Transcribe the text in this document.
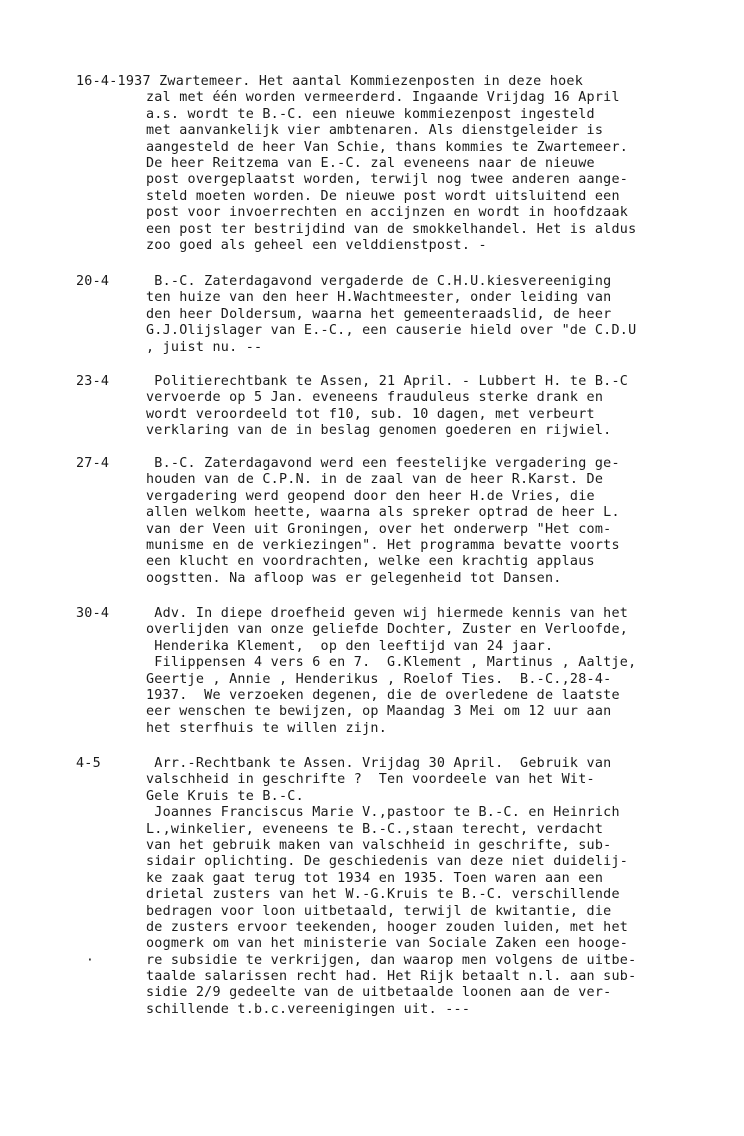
16-4-1937 Zwartemeer. Het aantal Kommiezenposten in deze hoek
zal met één worden vermeerderd. Ingaande Vrijdag 16 April
a.s. wordt te B.-C. een nieuwe kommiezenpost ingesteld
met aanvankelijk vier ambtenaren. Als dienstgeleider is
aangesteld de heer Van Schie, thans kommies te Zwartemeer.
De heer Reitzema van E.-C. zal eveneens naar de nieuwe
post overgeplaatst worden, terwijl nog twee anderen aange-
steld moeten worden. De nieuwe post wordt uitsluitend een
post voor invoerrechten en accijnzen en wordt in hoofdzaak
een post ter bestrijdind van de smokkelhandel. Het is aldus
zoo goed als geheel een velddienstpost. -
20-4	B.-C. Zaterdagavond vergaderde de C.H.U.kiesvereeniging
ten huize van den heer H.Wachtmeester, onder leiding van
den heer Doldersum, waarna het gemeenteraadslid, de heer
G.J.Olijslager van E.-C., een causerie hield over "de C.D.U
, juist nu. --
23-4	Politierechtbank te Assen, 21 April. - Lubbert H. te B.-C
vervoerde op 5 Jan. eveneens frauduleus sterke drank en
wordt veroordeeld tot f10, sub. 10 dagen, met verbeurt
verklaring van de in beslag genomen goederen en rijwiel.
27-4	B.-C. Zaterdagavond werd een feestelijke vergadering ge-
houden van de C.P.N. in de zaal van de heer R.Karst. De
vergadering werd geopend door den heer H.de Vries, die
allen welkom heette, waarna als spreker optrad de heer L.
van der Veen uit Groningen, over het onderwerp "Het com-
munisme en de verkiezingen". Het programma bevatte voorts
een klucht en voordrachten, welke een krachtig applaus
oogstten. Na afloop was er gelegenheid tot Dansen.
30-4	Adv. In diepe droefheid geven wij hiermede kennis van het
overlijden van onze geliefde Dochter, Zuster en Verloofde,
Henderika Klement,  op den leeftijd van 24 jaar.
Filippensen 4 vers 6 en 7.  G.Klement , Martinus , Aaltje,
Geertje , Annie , Henderikus , Roelof Ties.  B.-C.,28-4-
1937.  We verzoeken degenen, die de overledene de laatste
eer wenschen te bewijzen, op Maandag 3 Mei om 12 uur aan
het sterfhuis te willen zijn.
4-5	Arr.-Rechtbank te Assen. Vrijdag 30 April.  Gebruik van
valschheid in geschrifte ?  Ten voordeele van het Wit-
Gele Kruis te B.-C.
Joannes Franciscus Marie V.,pastoor te B.-C. en Heinrich
L.,winkelier, eveneens te B.-C.,staan terecht, verdacht
van het gebruik maken van valschheid in geschrifte, sub-
sidair oplichting. De geschiedenis van deze niet duidelij-
ke zaak gaat terug tot 1934 en 1935. Toen waren aan een
drietal zusters van het W.-G.Kruis te B.-C. verschillende
bedragen voor loon uitbetaald, terwijl de kwitantie, die
de zusters ervoor teekenden, hooger zouden luiden, met het
oogmerk om van het ministerie van Sociale Zaken een hooge-
re subsidie te verkrijgen, dan waarop men volgens de uitbe-
taalde salarissen recht had. Het Rijk betaalt n.l. aan sub-
sidie 2/9 gedeelte van de uitbetaalde loonen aan de ver-
schillende t.b.c.vereenigingen uit. ---
·
